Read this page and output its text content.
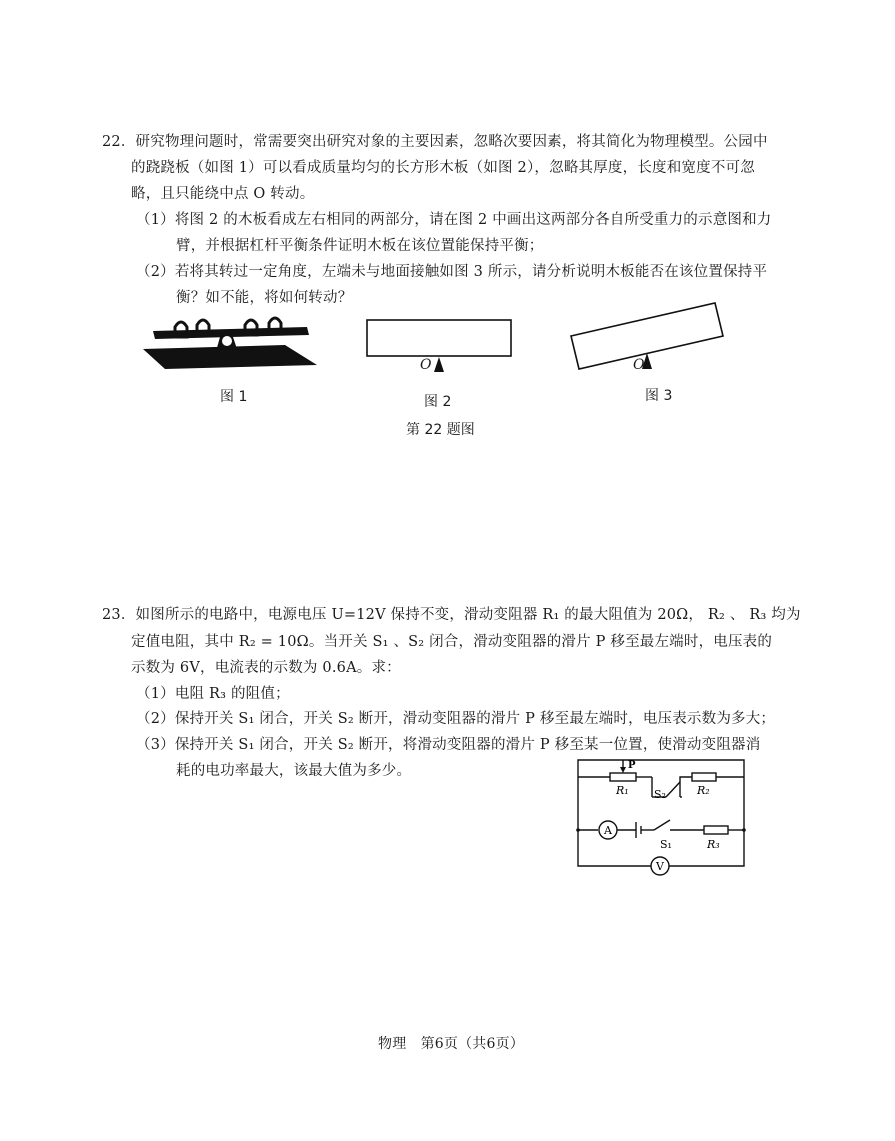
22．研究物理问题时，常需要突出研究对象的主要因素，忽略次要因素，将其简化为物理模型。公园中
的跷跷板（如图 1）可以看成质量均匀的长方形木板（如图 2），忽略其厚度，长度和宽度不可忽
略，且只能绕中点 O 转动。
（1）将图 2 的木板看成左右相同的两部分，请在图 2 中画出这两部分各自所受重力的示意图和力
臂，并根据杠杆平衡条件证明木板在该位置能保持平衡；
（2）若将其转过一定角度，左端未与地面接触如图 3 所示，请分析说明木板能否在该位置保持平
衡？如不能，将如何转动？
图 1
O
图 2
O
图 3
第 22 题图
23．如图所示的电路中，电源电压 U=12V 保持不变，滑动变阻器 R₁ 的最大阻值为 20Ω， R₂ 、 R₃ 均为
定值电阻，其中 R₂ = 10Ω。当开关 S₁ 、S₂ 闭合，滑动变阻器的滑片 P 移至最左端时，电压表的
示数为 6V，电流表的示数为 0.6A。求：
（1）电阻 R₃ 的阻值；
（2）保持开关 S₁ 闭合，开关 S₂ 断开，滑动变阻器的滑片 P 移至最左端时，电压表示数为多大；
（3）保持开关 S₁ 闭合，开关 S₂ 断开，将滑动变阻器的滑片 P 移至某一位置，使滑动变阻器消
耗的电功率最大，该最大值为多少。	P
R₁ S₂	R₂
A
S₁	R₃
V
物理　第6页（共6页）
